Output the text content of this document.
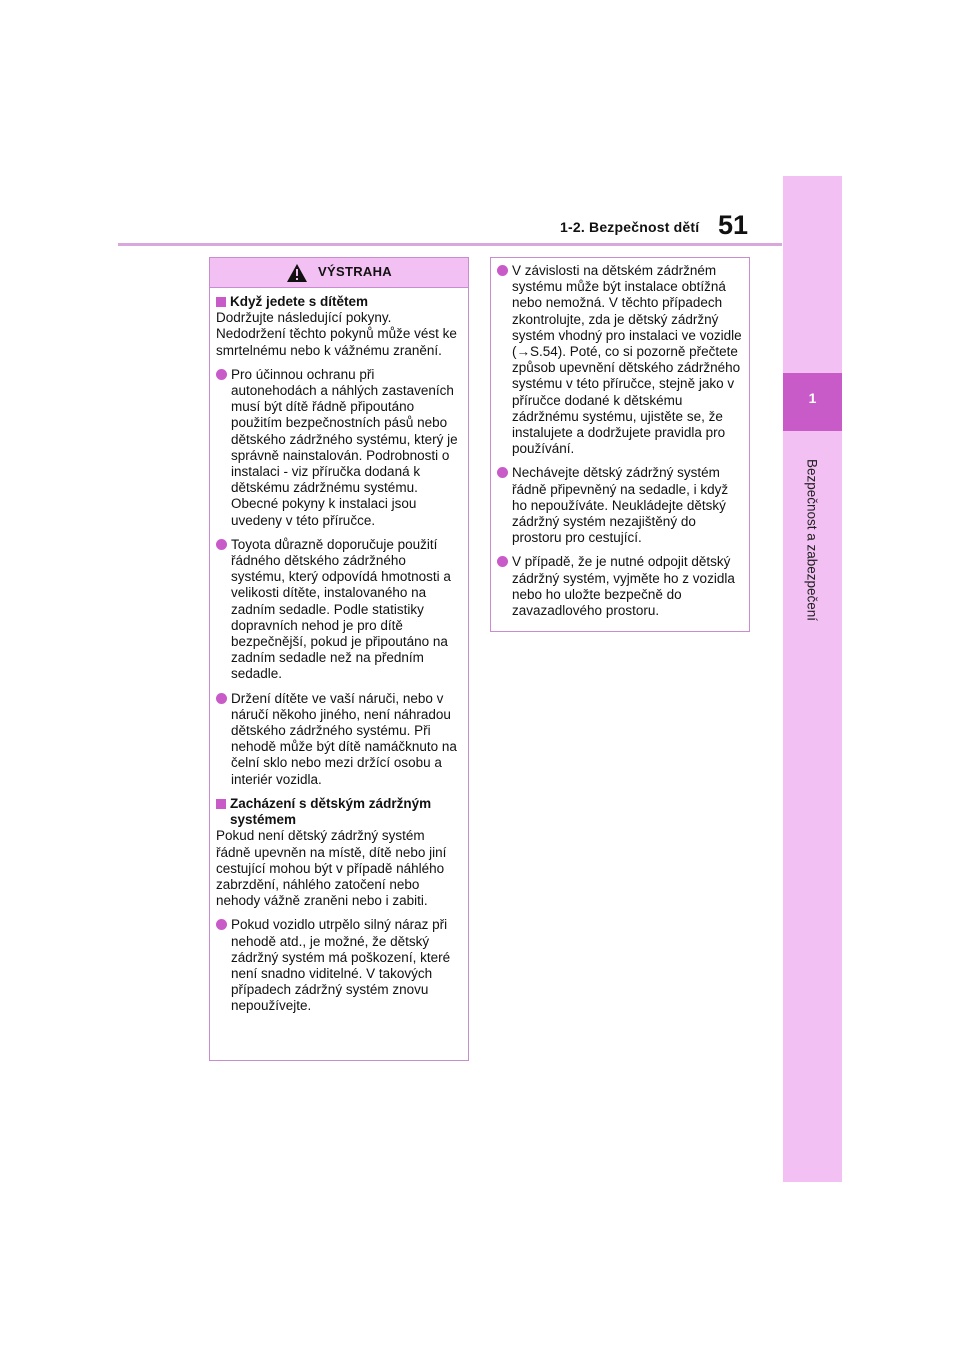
1-2. Bezpečnost dětí 51
1
Bezpečnost a zabezpečení
VÝSTRAHA
Když jedete s dítětem

Dodržujte následující pokyny. Nedodržení těchto pokynů může vést ke smrtelnému nebo k vážnému zranění.

Pro účinnou ochranu při autonehodách a náhlých zastaveních musí být dítě řádně připoutáno použitím bezpečnostních pásů nebo dětského zádržného systému, který je správně nainstalován. Podrobnosti o instalaci - viz příručka dodaná k dětskému zádržnému systému. Obecné pokyny k instalaci jsou uvedeny v této příručce.
Toyota důrazně doporučuje použití řádného dětského zádržného systému, který odpovídá hmotnosti a velikosti dítěte, instalovaného na zadním sedadle. Podle statistiky dopravních nehod je pro dítě bezpečnější, pokud je připoutáno na zadním sedadle než na předním sedadle.
Držení dítěte ve vaší náruči, nebo v náručí někoho jiného, není náhradou dětského zádržného systému. Při nehodě může být dítě namáčknuto na čelní sklo nebo mezi držící osobu a interiér vozidla.
Zacházení s dětským zádržným systémem

Pokud není dětský zádržný systém řádně upevněn na místě, dítě nebo jiní cestující mohou být v případě náhlého zabrzdění, náhlého zatočení nebo nehody vážně zraněni nebo i zabiti.

Pokud vozidlo utrpělo silný náraz při nehodě atd., je možné, že dětský zádržný systém má poškození, které není snadno viditelné. V takových případech zádržný systém znovu nepoužívejte.
V závislosti na dětském zádržném systému může být instalace obtížná nebo nemožná. V těchto případech zkontrolujte, zda je dětský zádržný systém vhodný pro instalaci ve vozidle (→S.54). Poté, co si pozorně přečtete způsob upevnění dětského zádržného systému v této příručce, stejně jako v příručce dodané k dětskému zádržnému systému, ujistěte se, že instalujete a dodržujete pravidla pro používání.
Nechávejte dětský zádržný systém řádně připevněný na sedadle, i když ho nepoužíváte. Neukládejte dětský zádržný systém nezajištěný do prostoru pro cestující.
V případě, že je nutné odpojit dětský zádržný systém, vyjměte ho z vozidla nebo ho uložte bezpečně do zavazadlového prostoru.
